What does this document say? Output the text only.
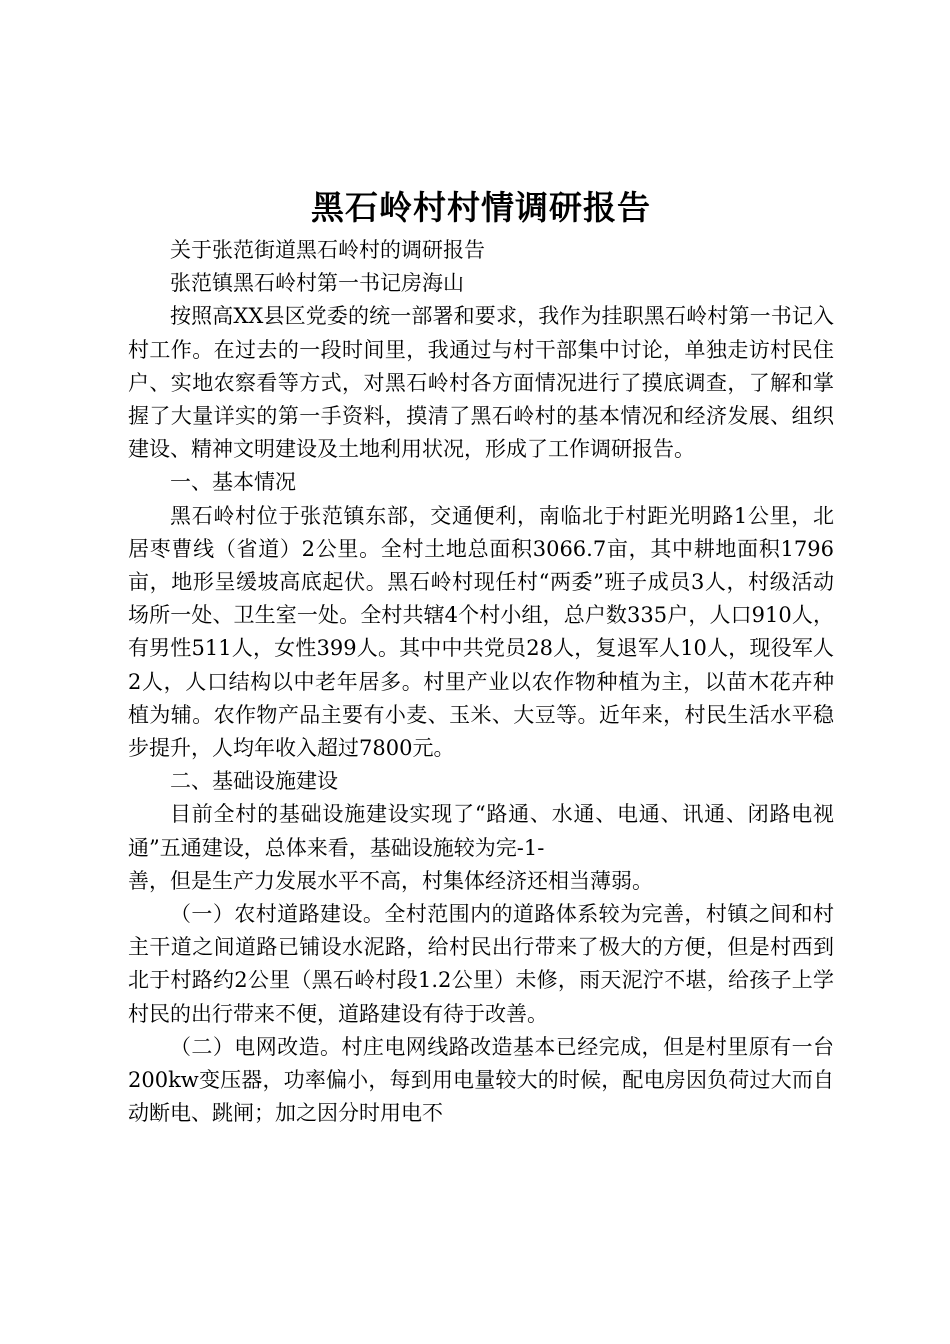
黑石岭村村情调研报告

关于张范街道黑石岭村的调研报告

张范镇黑石岭村第一书记房海山

按照高XX县区党委的统一部署和要求，我作为挂职黑石岭村第一书记入村工作。在过去的一段时间里，我通过与村干部集中讨论，单独走访村民住户、实地农察看等方式，对黑石岭村各方面情况进行了摸底调查，了解和掌握了大量详实的第一手资料，摸清了黑石岭村的基本情况和经济发展、组织建设、精神文明建设及土地利用状况，形成了工作调研报告。

一、基本情况

黑石岭村位于张范镇东部，交通便利，南临北于村距光明路1公里，北居枣曹线（省道）2公里。全村土地总面积3066.7亩，其中耕地面积1796亩，地形呈缓坡高底起伏。黑石岭村现任村“两委”班子成员3人，村级活动场所一处、卫生室一处。全村共辖4个村小组，总户数335户，人口910人，有男性511人，女性399人。其中中共党员28人，复退军人10人，现役军人2人，人口结构以中老年居多。村里产业以农作物种植为主，以苗木花卉种植为辅。农作物产品主要有小麦、玉米、大豆等。近年来，村民生活水平稳步提升，人均年收入超过7800元。

二、基础设施建设

目前全村的基础设施建设实现了“路通、水通、电通、讯通、闭路电视通”五通建设，总体来看，基础设施较为完-1-

善，但是生产力发展水平不高，村集体经济还相当薄弱。

（一）农村道路建设。全村范围内的道路体系较为完善，村镇之间和村主干道之间道路已铺设水泥路，给村民出行带来了极大的方便，但是村西到北于村路约2公里（黑石岭村段1.2公里）未修，雨天泥泞不堪，给孩子上学村民的出行带来不便，道路建设有待于改善。

（二）电网改造。村庄电网线路改造基本已经完成，但是村里原有一台200kw变压器，功率偏小，每到用电量较大的时候，配电房因负荷过大而自动断电、跳闸；加之因分时用电不
